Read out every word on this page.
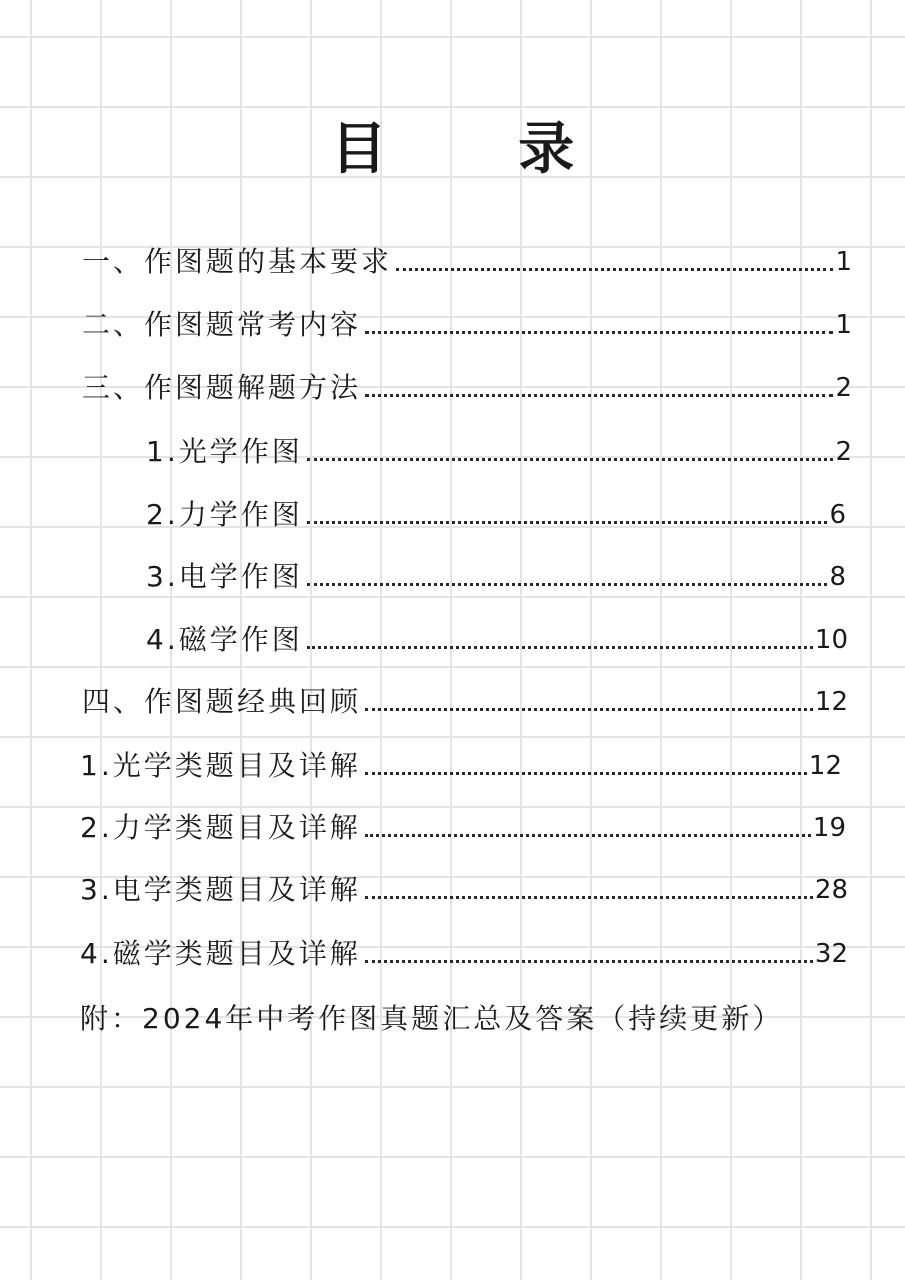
目 录
一、作图题的基本要求	1
二、作图题常考内容	1
三、作图题解题方法	2
1.光学作图	2
2.力学作图	6
3.电学作图	8
4.磁学作图	10
四、作图题经典回顾	12
1.光学类题目及详解	12
2.力学类题目及详解	19
3.电学类题目及详解	28
4.磁学类题目及详解	32
附：2024年中考作图真题汇总及答案（持续更新）
